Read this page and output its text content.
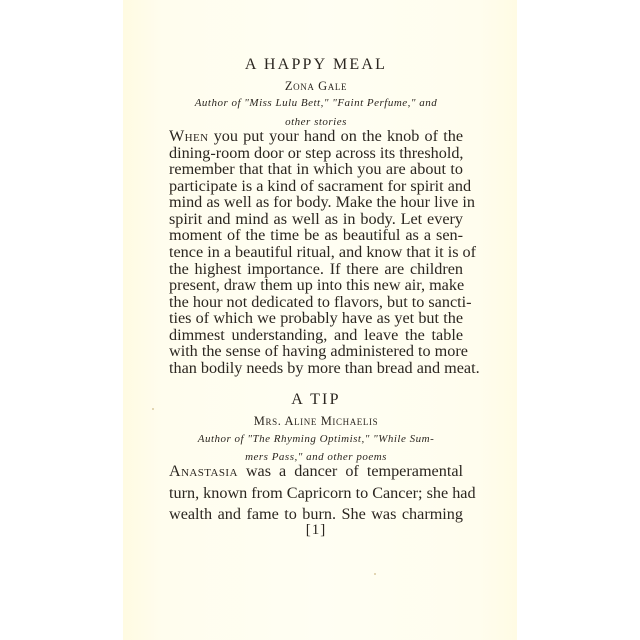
A HAPPY MEAL
Zona Gale
Author of "Miss Lulu Bett," "Faint Perfume," and
other stories
When you put your hand on the knob of the
dining-room door or step across its threshold,
remember that that in which you are about to
participate is a kind of sacrament for spirit and
mind as well as for body. Make the hour live in
spirit and mind as well as in body. Let every
moment of the time be as beautiful as a sen-
tence in a beautiful ritual, and know that it is of
the highest importance. If there are children
present, draw them up into this new air, make
the hour not dedicated to flavors, but to sancti-
ties of which we probably have as yet but the
dimmest understanding, and leave the table
with the sense of having administered to more
than bodily needs by more than bread and meat.
A TIP
Mrs. Aline Michaelis
Author of "The Rhyming Optimist," "While Sum-
mers Pass," and other poems
Anastasia was a dancer of temperamental
turn, known from Capricorn to Cancer; she had
wealth and fame to burn. She was charming
[1]
